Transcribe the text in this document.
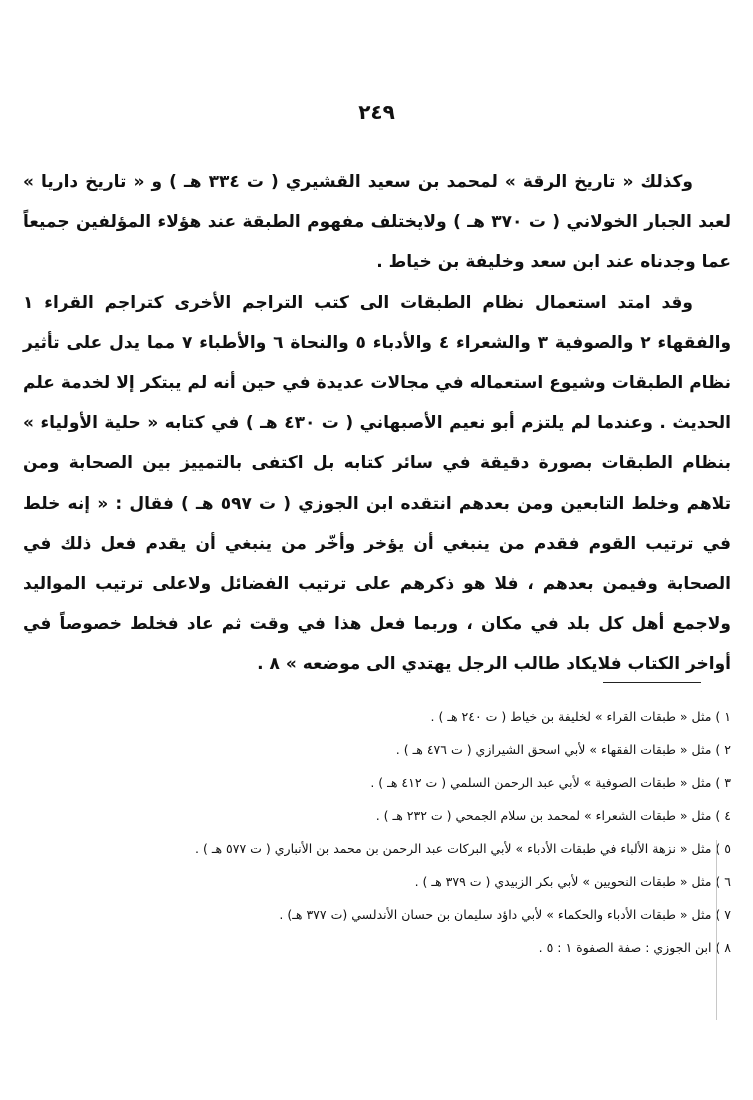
٢٤٩

وكذلك « تاريخ الرقة » لمحمد بن سعيد القشيري ( ت ٣٣٤ هـ ) و « تاريخ داريا » لعبد الجبار الخولاني ( ت ٣٧٠ هـ ) ولايختلف مفهوم الطبقة عند هؤلاء المؤلفين جميعاً عما وجدناه عند ابن سعد وخليفة بن خياط .

وقد امتد استعمال نظام الطبقات الى كتب التراجم الأخرى كتراجم القراء ١ والفقهاء ٢ والصوفية ٣ والشعراء ٤ والأدباء ٥ والنحاة ٦ والأطباء ٧ مما يدل على تأثير نظام الطبقات وشيوع استعماله في مجالات عديدة في حين أنه لم يبتكر إلا لخدمة علم الحديث . وعندما لم يلتزم أبو نعيم الأصبهاني ( ت ٤٣٠ هـ ) في كتابه « حلية الأولياء » بنظام الطبقات بصورة دقيقة في سائر كتابه بل اكتفى بالتمييز بين الصحابة ومن تلاهم وخلط التابعين ومن بعدهم انتقده ابن الجوزي ( ت ٥٩٧ هـ ) فقال : « إنه خلط في ترتيب القوم فقدم من ينبغي أن يؤخر وأخّر من ينبغي أن يقدم فعل ذلك في الصحابة وفيمن بعدهم ، فلا هو ذكرهم على ترتيب الفضائل ولاعلى ترتيب المواليد ولاجمع أهل كل بلد في مكان ، وربما فعل هذا في وقت ثم عاد فخلط خصوصاً في أواخر الكتاب فلايكاد طالب الرجل يهتدي الى موضعه » ٨ .

١ ) مثل « طبقات القراء » لخليفة بن خياط ( ت ٢٤٠ هـ ) .
٢ ) مثل « طبقات الفقهاء » لأبي اسحق الشيرازي ( ت ٤٧٦ هـ ) .
٣ ) مثل « طبقات الصوفية » لأبي عبد الرحمن السلمي ( ت ٤١٢ هـ ) .
٤ ) مثل « طبقات الشعراء » لمحمد بن سلام الجمحي ( ت ٢٣٢ هـ ) .
٥ ) مثل « نزهة الألباء في طبقات الأدباء » لأبي البركات عبد الرحمن بن محمد بن الأنباري ( ت ٥٧٧ هـ ) .
٦ ) مثل « طبقات النحويين » لأبي بكر الزبيدي ( ت ٣٧٩ هـ ) .
٧ ) مثل « طبقات الأدباء والحكماء » لأبي داؤد سليمان بن حسان الأندلسي (ت ٣٧٧ هـ) .
٨ ) ابن الجوزي : صفة الصفوة ١ : ٥ .
